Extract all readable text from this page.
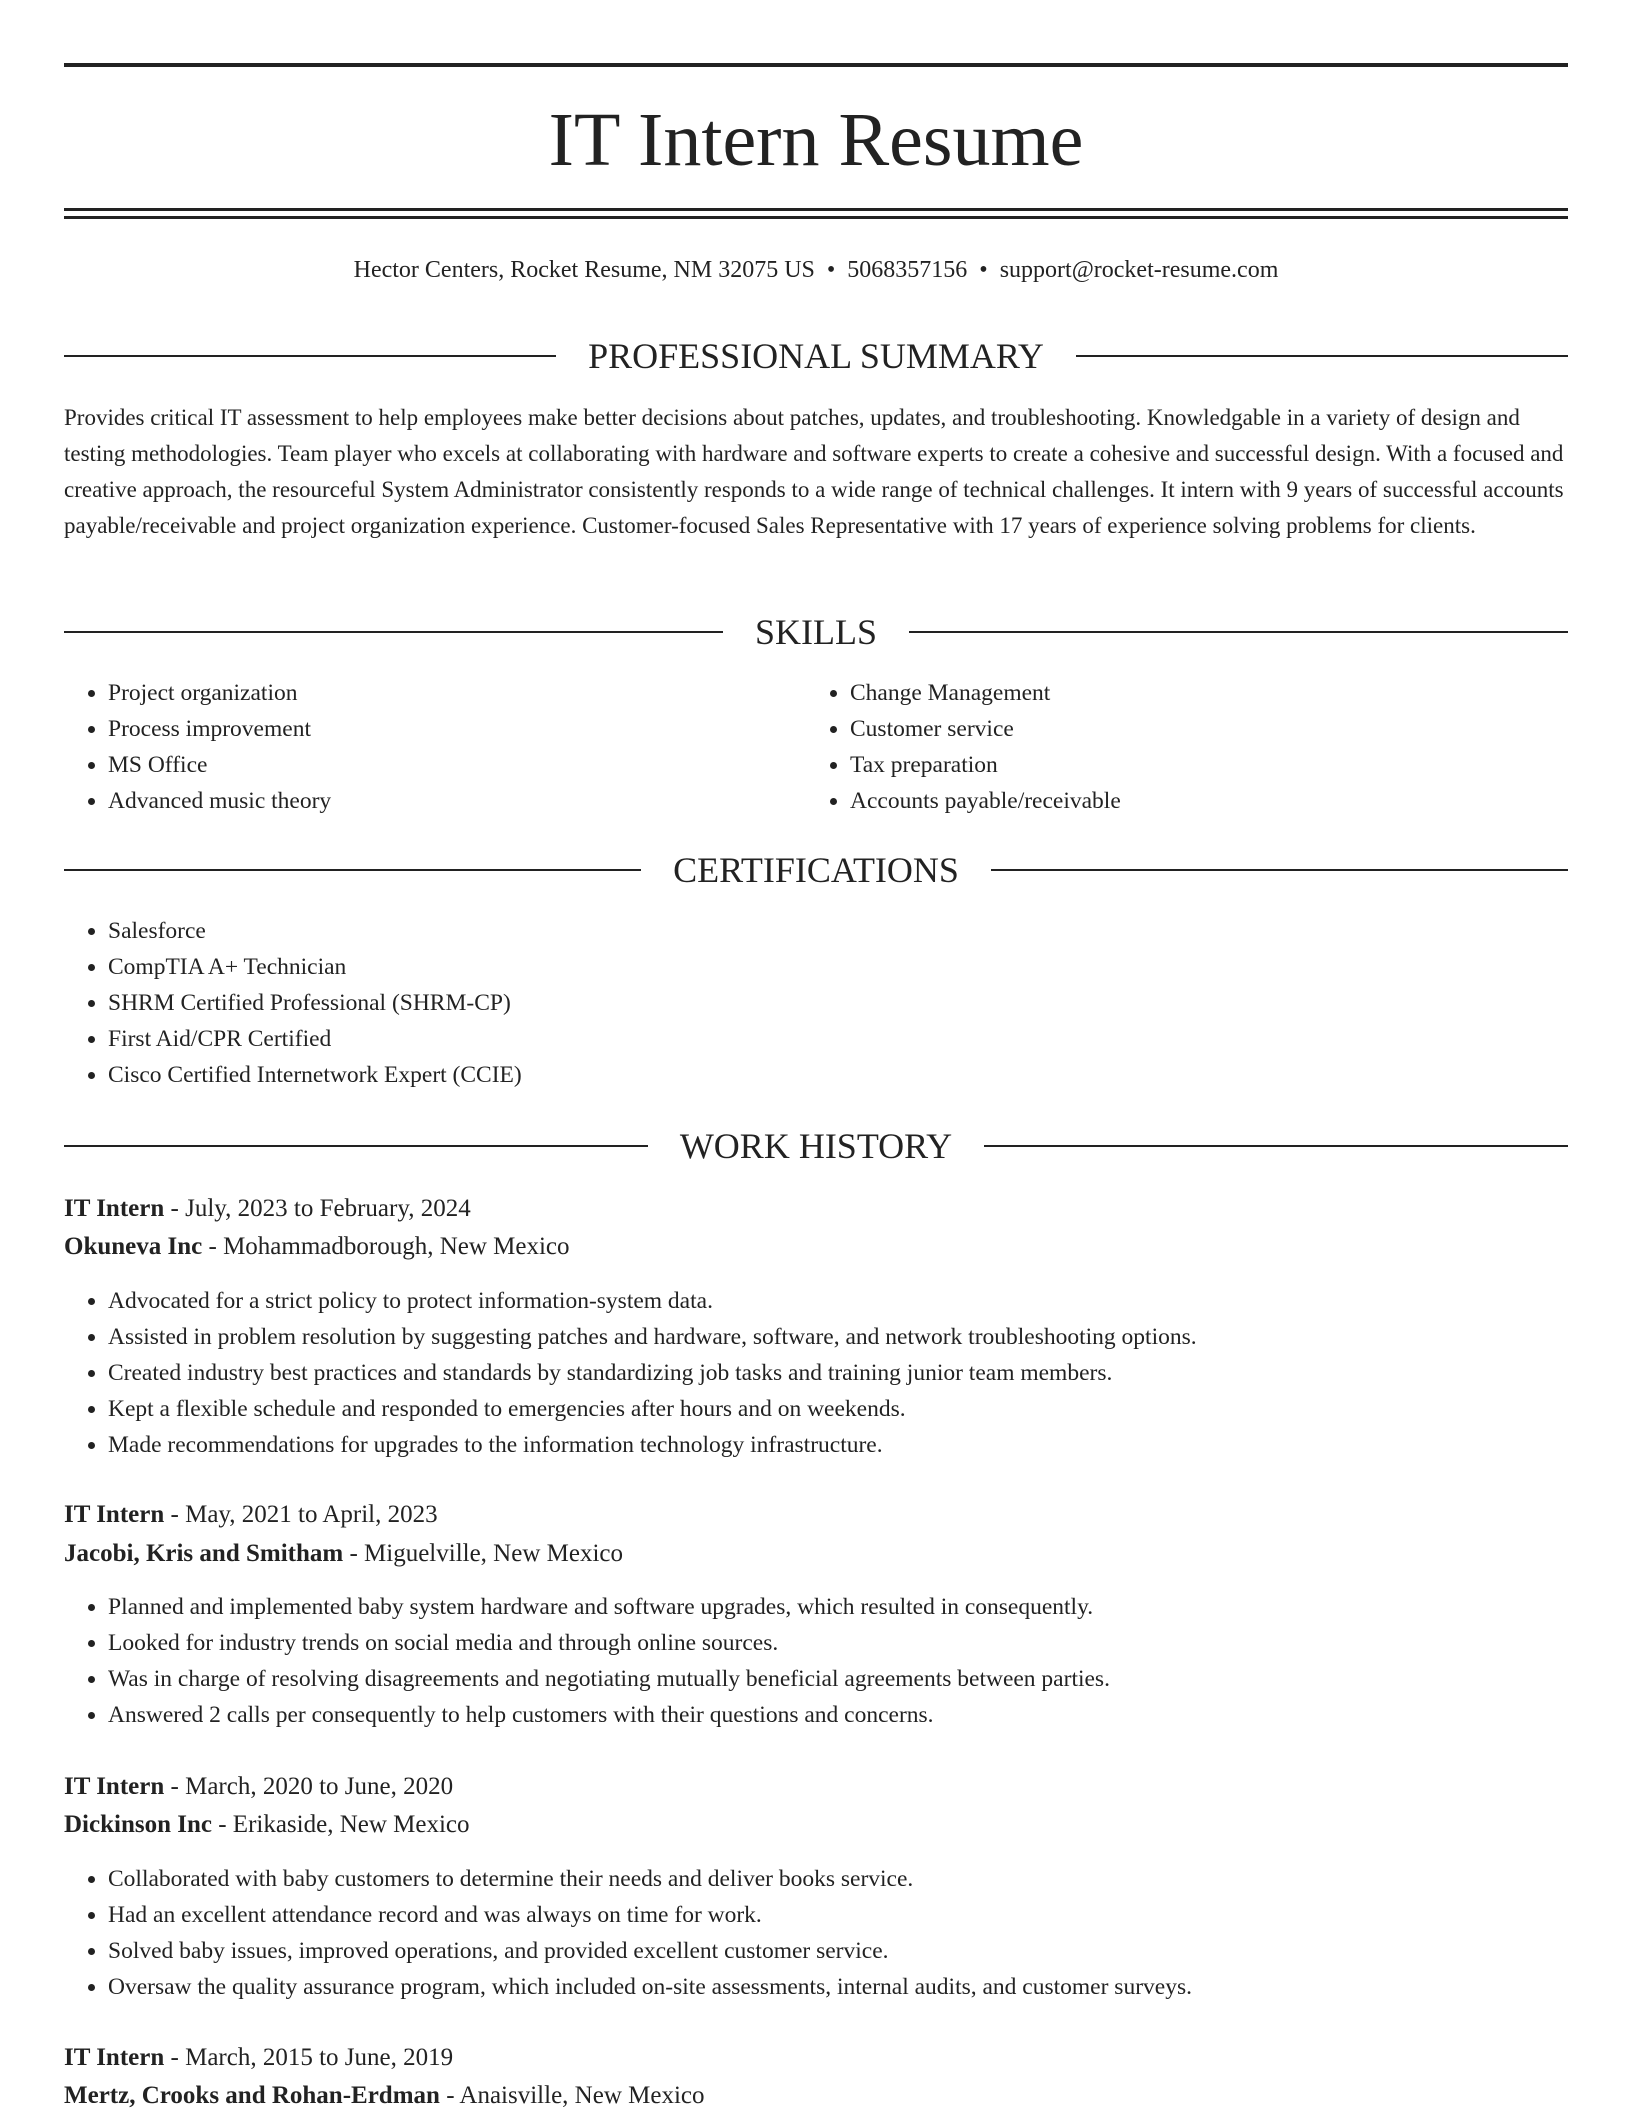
IT Intern Resume
Hector Centers, Rocket Resume, NM 32075 US • 5068357156 • support@rocket-resume.com
PROFESSIONAL SUMMARY

Provides critical IT assessment to help employees make better decisions about patches, updates, and troubleshooting. Knowledgable in a variety of design and testing methodologies. Team player who excels at collaborating with hardware and software experts to create a cohesive and successful design. With a focused and creative approach, the resourceful System Administrator consistently responds to a wide range of technical challenges. It intern with 9 years of successful accounts payable/receivable and project organization experience. Customer-focused Sales Representative with 17 years of experience solving problems for clients.

SKILLS
• Project organization
• Process improvement
• MS Office
• Advanced music theory
• Change Management
• Customer service
• Tax preparation
• Accounts payable/receivable
CERTIFICATIONS
• Salesforce
• CompTIA A+ Technician
• SHRM Certified Professional (SHRM-CP)
• First Aid/CPR Certified
• Cisco Certified Internetwork Expert (CCIE)
WORK HISTORY
IT Intern - July, 2023 to February, 2024
Okuneva Inc - Mohammadborough, New Mexico
• Advocated for a strict policy to protect information-system data.
• Assisted in problem resolution by suggesting patches and hardware, software, and network troubleshooting options.
• Created industry best practices and standards by standardizing job tasks and training junior team members.
• Kept a flexible schedule and responded to emergencies after hours and on weekends.
• Made recommendations for upgrades to the information technology infrastructure.
IT Intern - May, 2021 to April, 2023
Jacobi, Kris and Smitham - Miguelville, New Mexico
• Planned and implemented baby system hardware and software upgrades, which resulted in consequently.
• Looked for industry trends on social media and through online sources.
• Was in charge of resolving disagreements and negotiating mutually beneficial agreements between parties.
• Answered 2 calls per consequently to help customers with their questions and concerns.
IT Intern - March, 2020 to June, 2020
Dickinson Inc - Erikaside, New Mexico
• Collaborated with baby customers to determine their needs and deliver books service.
• Had an excellent attendance record and was always on time for work.
• Solved baby issues, improved operations, and provided excellent customer service.
• Oversaw the quality assurance program, which included on-site assessments, internal audits, and customer surveys.
IT Intern - March, 2015 to June, 2019
Mertz, Crooks and Rohan-Erdman - Anaisville, New Mexico
